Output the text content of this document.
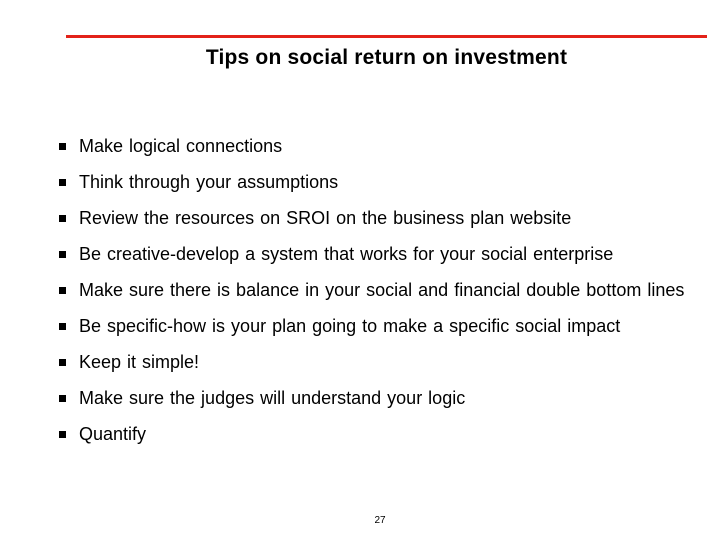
Tips on social return on investment
Make logical connections
Think through your assumptions
Review the resources on SROI on the business plan website
Be creative-develop a system that works for your social enterprise
Make sure there is balance in your social and financial double bottom lines
Be specific-how is your plan going to make a specific social impact
Keep it simple!
Make sure the judges will understand your logic
Quantify
27
